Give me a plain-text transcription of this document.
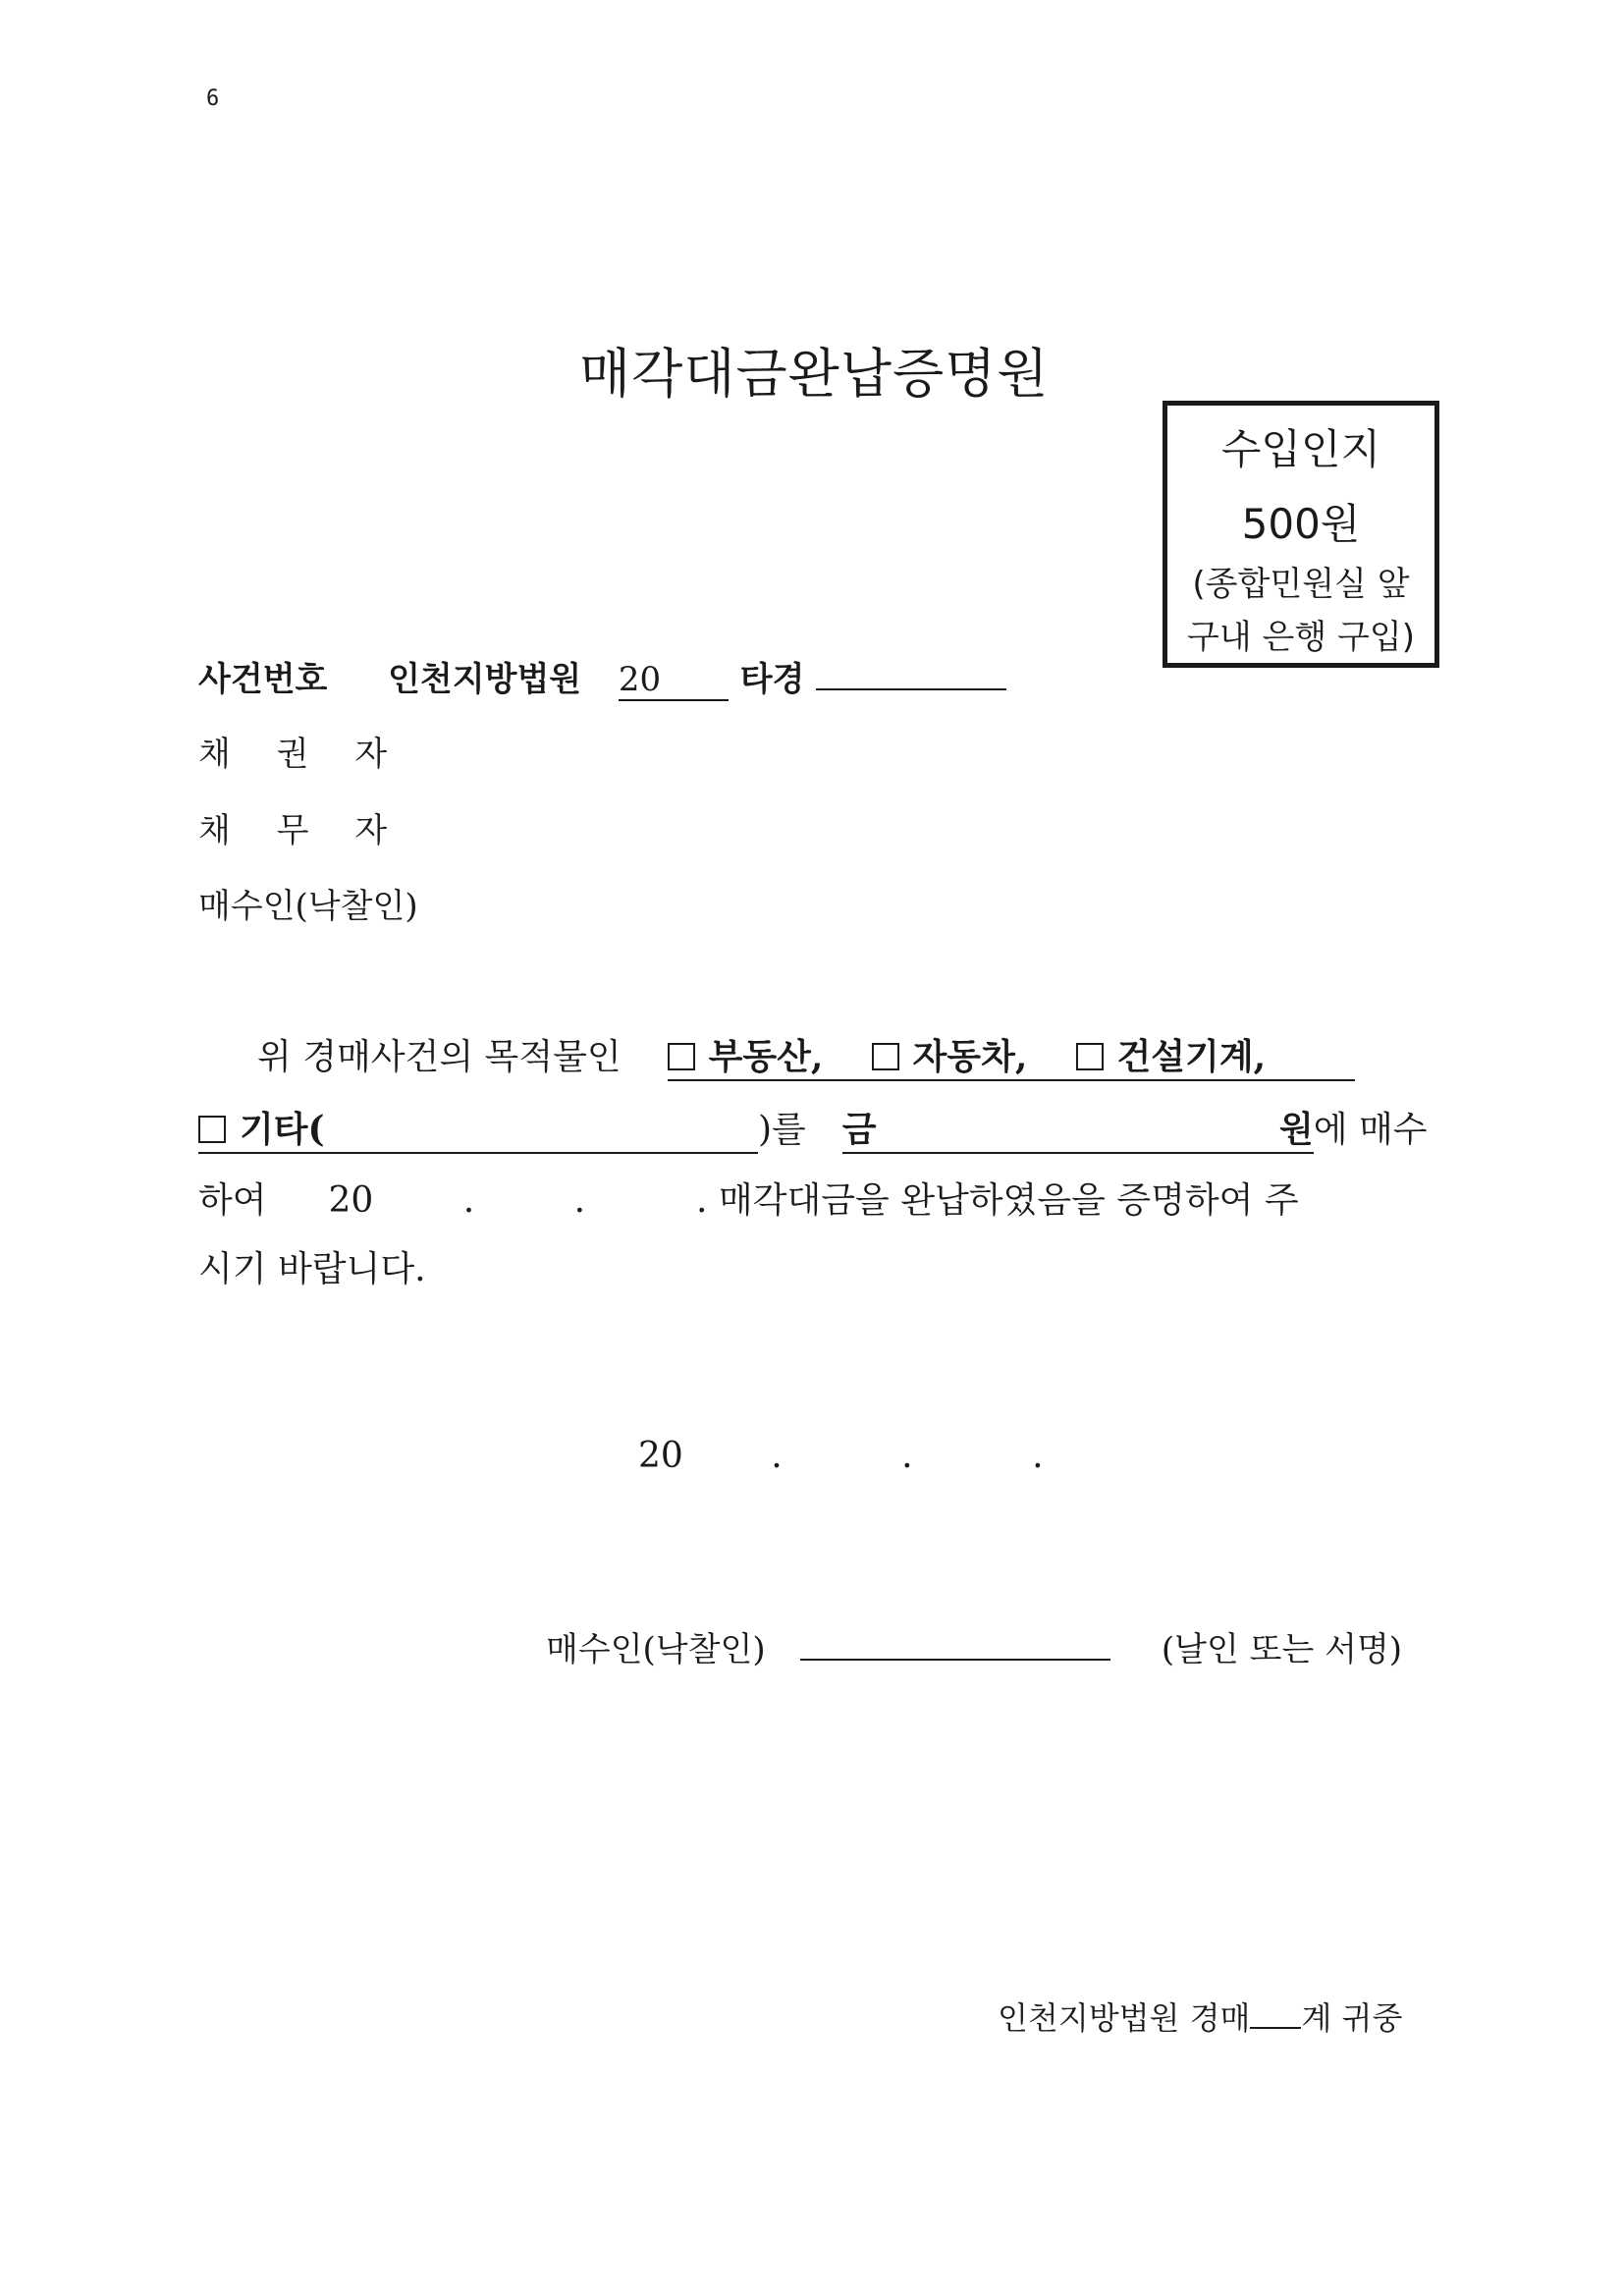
6
매각대금완납증명원
수입인지
500원
(종합민원실 앞
구내 은행 구입)
사건번호 인천지방법원 20 타경
채 권 자
채 무 자
매수인(낙찰인)
위 경매사건의 목적물인 부동산,	자동차,	건설기계,
기타(	)를 금	원 에 매수
하여 20	.	.	. 매각대금을 완납하였음을 증명하여 주
시기 바랍니다.
20 .	.	.
매수인(낙찰인)	(날인 또는 서명)
인천지방법원 경매 계 귀중
